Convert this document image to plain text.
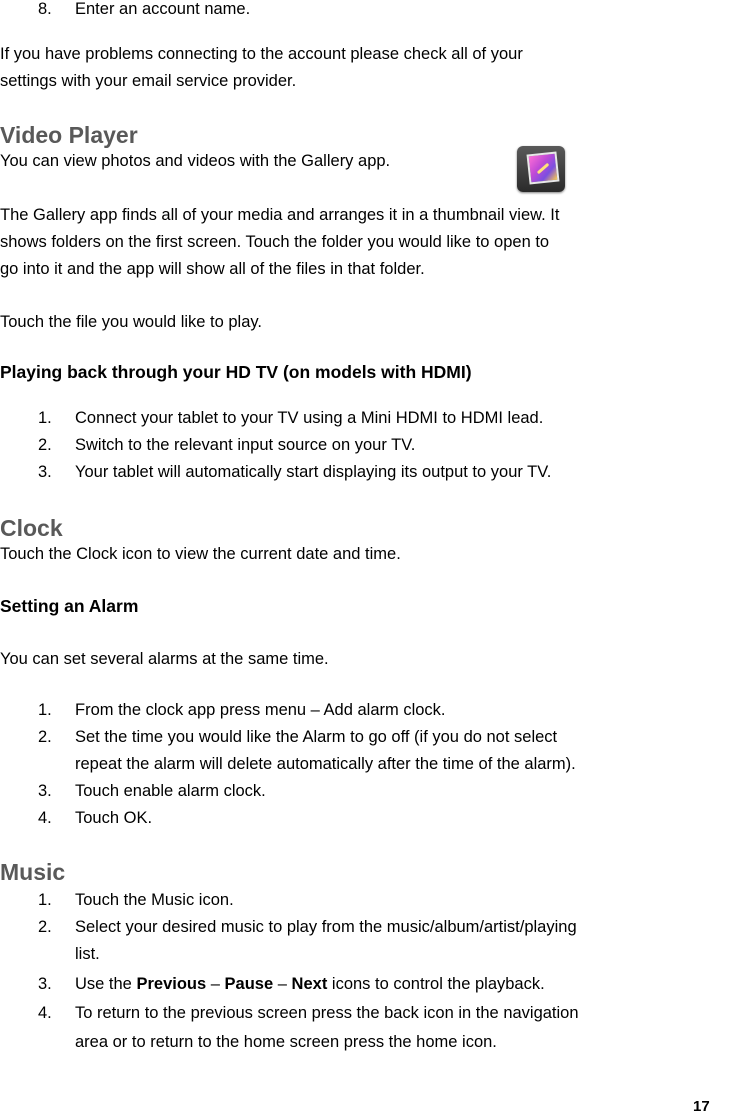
8. Enter an account name.

If you have problems connecting to the account please check all of your

settings with your email service provider.

Video Player

You can view photos and videos with the Gallery app.

The Gallery app finds all of your media and arranges it in a thumbnail view. It

shows folders on the first screen. Touch the folder you would like to open to

go into it and the app will show all of the files in that folder.

Touch the file you would like to play.

Playing back through your HD TV (on models with HDMI)
1. Connect your tablet to your TV using a Mini HDMI to HDMI lead.
2. Switch to the relevant input source on your TV.
3. Your tablet will automatically start displaying its output to your TV.
Clock

Touch the Clock icon to view the current date and time.

Setting an Alarm

You can set several alarms at the same time.

1. From the clock app press menu – Add alarm clock.
2. Set the time you would like the Alarm to go off (if you do not select
repeat the alarm will delete automatically after the time of the alarm).
3. Touch enable alarm clock.
4. Touch OK.
Music
1. Touch the Music icon.
2. Select your desired music to play from the music/album/artist/playing
list.
3. Use the Previous – Pause – Next icons to control the playback.
4. To return to the previous screen press the back icon in the navigation
area or to return to the home screen press the home icon.
17
